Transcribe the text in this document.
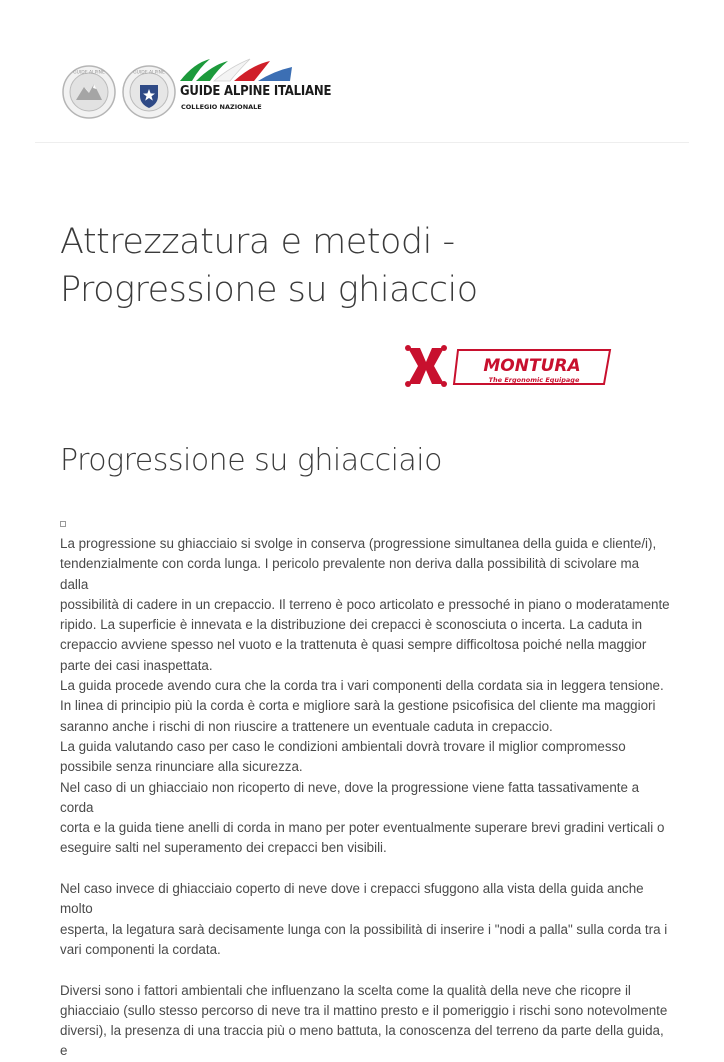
GUIDE ALPINE	GUIDE ALPINE
GUIDE ALPINE ITALIANE
COLLEGIO NAZIONALE
Attrezzatura e metodi - Progressione su ghiaccio
MONTURA
The Ergonomic Equipage
Progressione su ghiacciaio

La progressione su ghiacciaio si svolge in conserva (progressione simultanea della guida e cliente/i),
tendenzialmente con corda lunga. I pericolo prevalente non deriva dalla possibilità di scivolare ma dalla
possibilità di cadere in un crepaccio. Il terreno è poco articolato e pressoché in piano o moderatamente
ripido. La superficie è innevata e la distribuzione dei crepacci è sconosciuta o incerta. La caduta in
crepaccio avviene spesso nel vuoto e la trattenuta è quasi sempre difficoltosa poiché nella maggior
parte dei casi inaspettata.
La guida procede avendo cura che la corda tra i vari componenti della cordata sia in leggera tensione.
In linea di principio più la corda è corta e migliore sarà la gestione psicofisica del cliente ma maggiori
saranno anche i rischi di non riuscire a trattenere un eventuale caduta in crepaccio.
La guida valutando caso per caso le condizioni ambientali dovrà trovare il miglior compromesso
possibile senza rinunciare alla sicurezza.
Nel caso di un ghiacciaio non ricoperto di neve, dove la progressione viene fatta tassativamente a corda
corta e la guida tiene anelli di corda in mano per poter eventualmente superare brevi gradini verticali o
eseguire salti nel superamento dei crepacci ben visibili.

Nel caso invece di ghiacciaio coperto di neve dove i crepacci sfuggono alla vista della guida anche molto
esperta, la legatura sarà decisamente lunga con la possibilità di inserire i "nodi a palla" sulla corda tra i
vari componenti la cordata.

Diversi sono i fattori ambientali che influenzano la scelta come la qualità della neve che ricopre il
ghiacciaio (sullo stesso percorso di neve tra il mattino presto e il pomeriggio i rischi sono notevolmente
diversi), la presenza di una traccia più o meno battuta, la conoscenza del terreno da parte della guida, e
